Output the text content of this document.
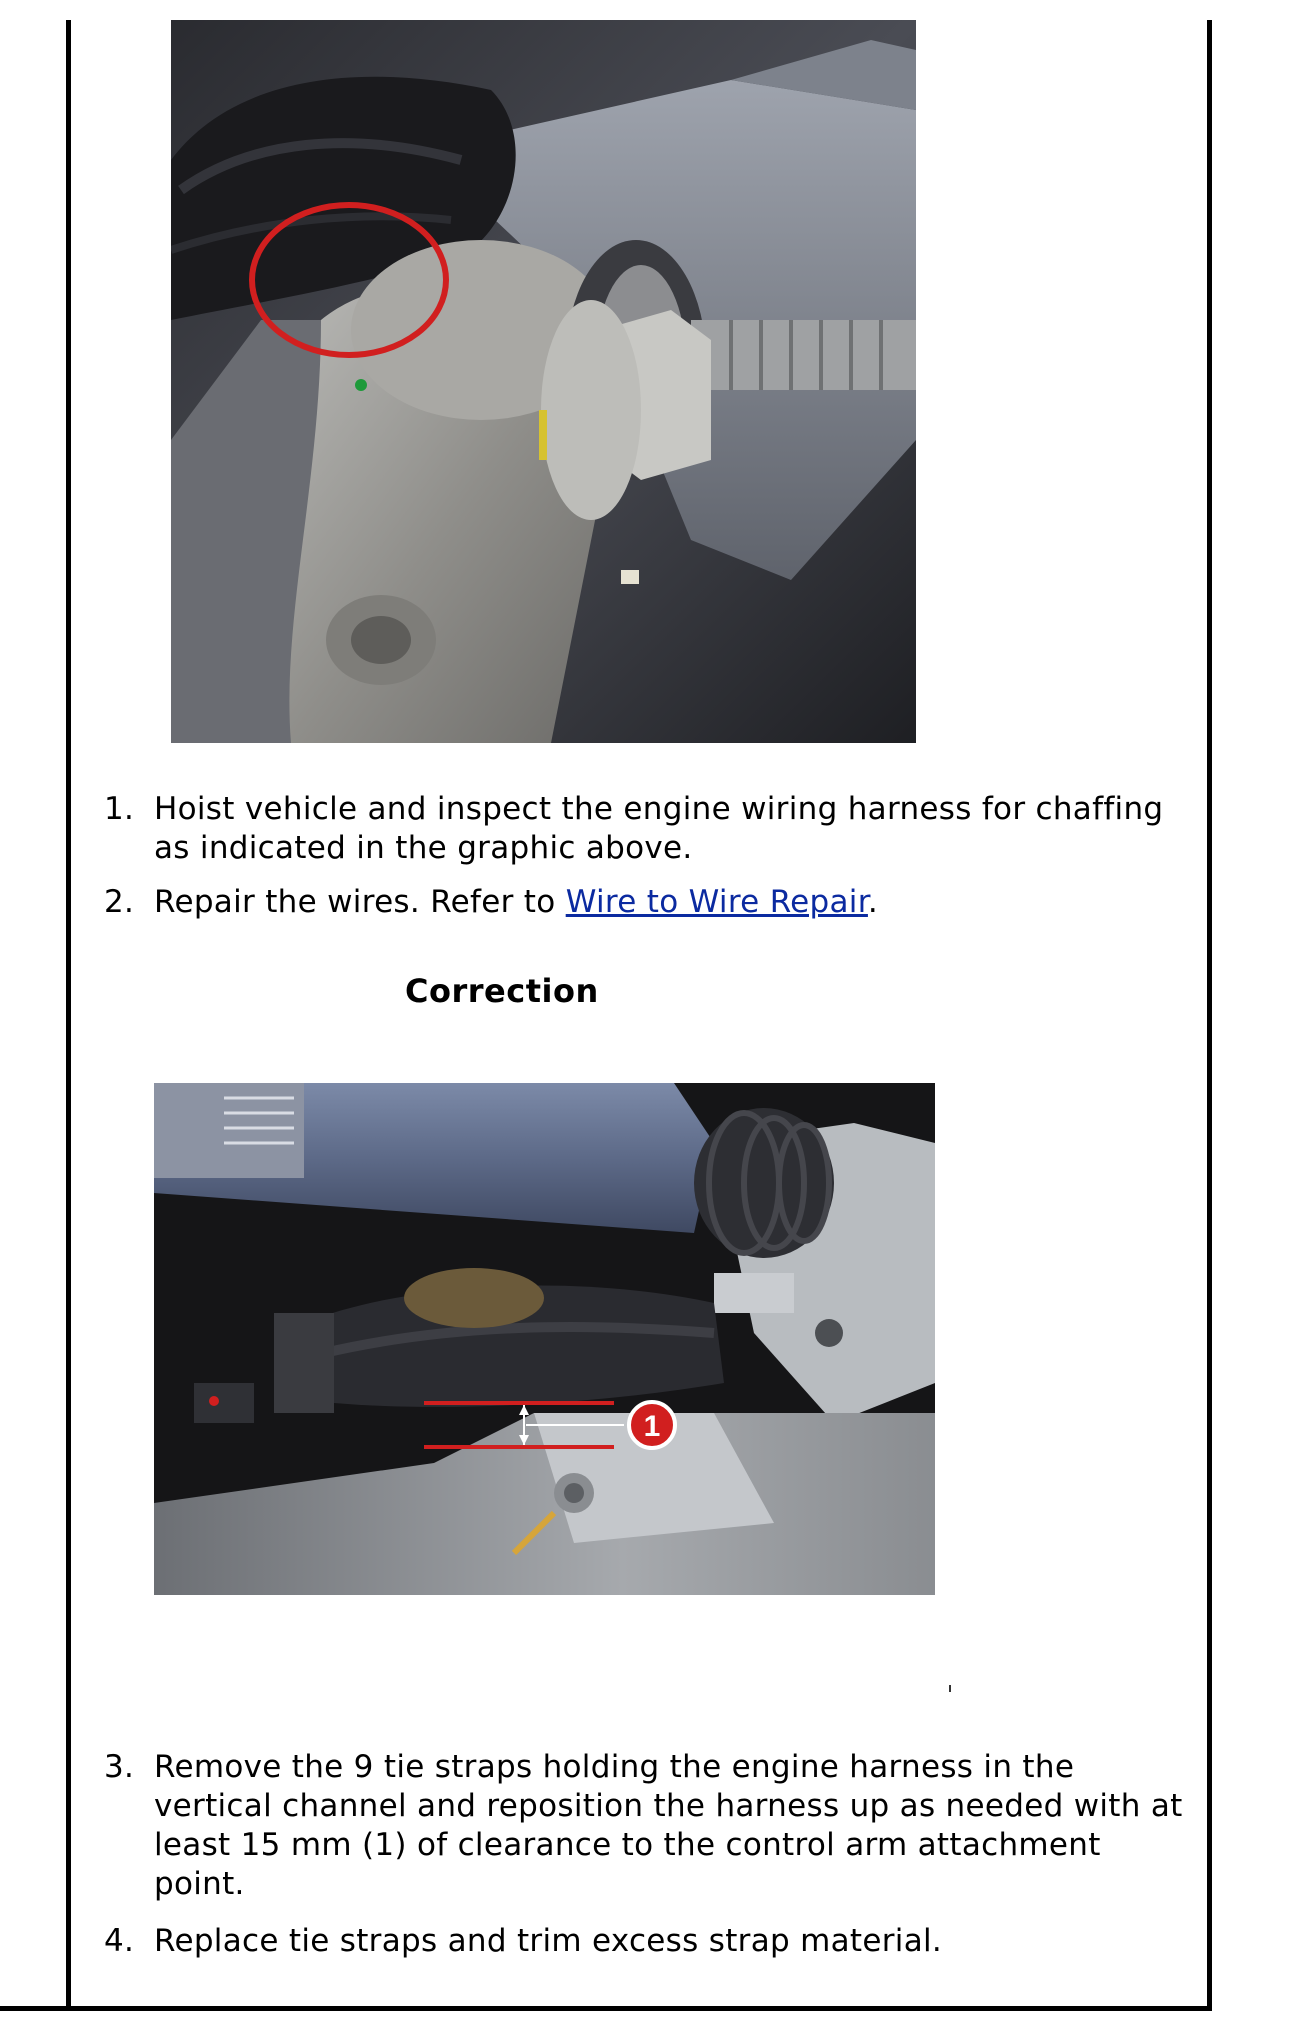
1. Hoist vehicle and inspect the engine wiring harness for chaffing as indicated in the graphic above.
2. Repair the wires. Refer to Wire to Wire Repair.
Correction
1
3. Remove the 9 tie straps holding the engine harness in the vertical channel and reposition the harness up as needed with at least 15 mm (1) of clearance to the control arm attachment point.
4. Replace tie straps and trim excess strap material.
